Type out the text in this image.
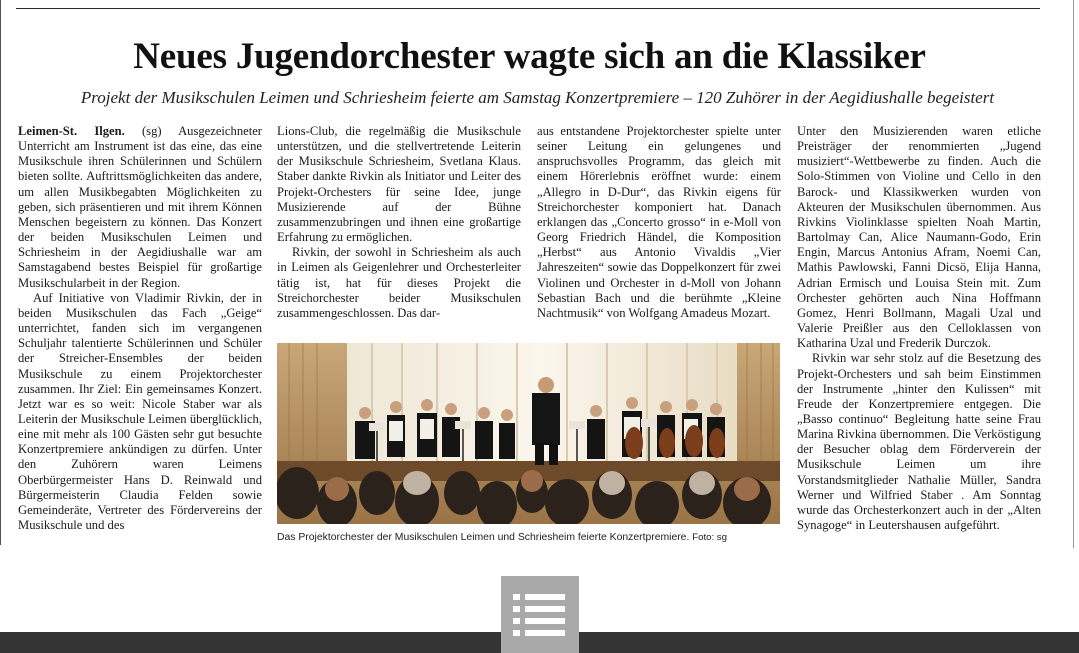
Neues Jugendorchester wagte sich an die Klassiker
Projekt der Musikschulen Leimen und Schriesheim feierte am Samstag Konzertpremiere – 120 Zuhörer in der Aegidiushalle begeistert

Leimen-St. Ilgen. (sg) Ausgezeichneter Unterricht am Instrument ist das eine, das eine Musikschule ihren Schülerinnen und Schülern bieten sollte. Auftrittsmöglichkeiten das andere, um allen Musikbegabten Möglichkeiten zu geben, sich präsentieren und mit ihrem Können Menschen begeistern zu können. Das Konzert der beiden Musikschulen Leimen und Schriesheim in der Aegidiushalle war am Samstagabend bestes Beispiel für großartige Musikschularbeit in der Region.

Auf Initiative von Vladimir Rivkin, der in beiden Musikschulen das Fach „Geige“ unterrichtet, fanden sich im vergangenen Schuljahr talentierte Schülerinnen und Schüler der Streicher-Ensembles der beiden Musikschule zu einem Projektorchester zusammen. Ihr Ziel: Ein gemeinsames Konzert. Jetzt war es so weit: Nicole Staber war als Leiterin der Musikschule Leimen überglücklich, eine mit mehr als 100 Gästen sehr gut besuchte Konzertpremiere ankündigen zu dürfen. Unter den Zuhörern waren Leimens Oberbürgermeister Hans D. Reinwald und Bürgermeisterin Claudia Felden sowie Gemeinderäte, Vertreter des Fördervereins der Musikschule und des

Lions-Club, die regelmäßig die Musikschule unterstützen, und die stellvertretende Leiterin der Musikschule Schriesheim, Svetlana Klaus. Staber dankte Rivkin als Initiator und Leiter des Projekt-Orchesters für seine Idee, junge Musizierende auf der Bühne zusammenzubringen und ihnen eine großartige Erfahrung zu ermöglichen.

Rivkin, der sowohl in Schriesheim als auch in Leimen als Geigenlehrer und Orchesterleiter tätig ist, hat für dieses Projekt die Streichorchester beider Musikschulen zusammengeschlossen. Das dar-

aus entstandene Projektorchester spielte unter seiner Leitung ein gelungenes und anspruchsvolles Programm, das gleich mit einem Hörerlebnis eröffnet wurde: einem „Allegro in D-Dur“, das Rivkin eigens für Streichorchester komponiert hat. Danach erklangen das „Concerto grosso“ in e-Moll von Georg Friedrich Händel, die Komposition „Herbst“ aus Antonio Vivaldis „Vier Jahreszeiten“ sowie das Doppelkonzert für zwei Violinen und Orchester in d-Moll von Johann Sebastian Bach und die berühmte „Kleine Nachtmusik“ von Wolfgang Amadeus Mozart.

Unter den Musizierenden waren etliche Preisträger der renommierten „Jugend musiziert“-Wettbewerbe zu finden. Auch die Solo-Stimmen von Violine und Cello in den Barock- und Klassikwerken wurden von Akteuren der Musikschulen übernommen. Aus Rivkins Violinklasse spielten Noah Martin, Bartolmay Can, Alice Naumann-Godo, Erin Engin, Marcus Antonius Afram, Noemi Can, Mathis Pawlowski, Fanni Dicsö, Elija Hanna, Adrian Ermisch und Louisa Stein mit. Zum Orchester gehörten auch Nina Hoffmann Gomez, Henri Bollmann, Magali Uzal und Valerie Preißler aus den Celloklassen von Katharina Uzal und Frederik Durczok.

Rivkin war sehr stolz auf die Besetzung des Projekt-Orchesters und sah beim Einstimmen der Instrumente „hinter den Kulissen“ mit Freude der Konzertpremiere entgegen. Die „Basso continuo“ Begleitung hatte seine Frau Marina Rivkina übernommen. Die Verköstigung der Besucher oblag dem Förderverein der Musikschule Leimen um ihre Vorstandsmitglieder Nathalie Müller, Sandra Werner und Wilfried Staber . Am Sonntag wurde das Orchesterkonzert auch in der „Alten Synagoge“ in Leutershausen aufgeführt.

Das Projektorchester der Musikschulen Leimen und Schriesheim feierte Konzertpremiere. Foto: sg
